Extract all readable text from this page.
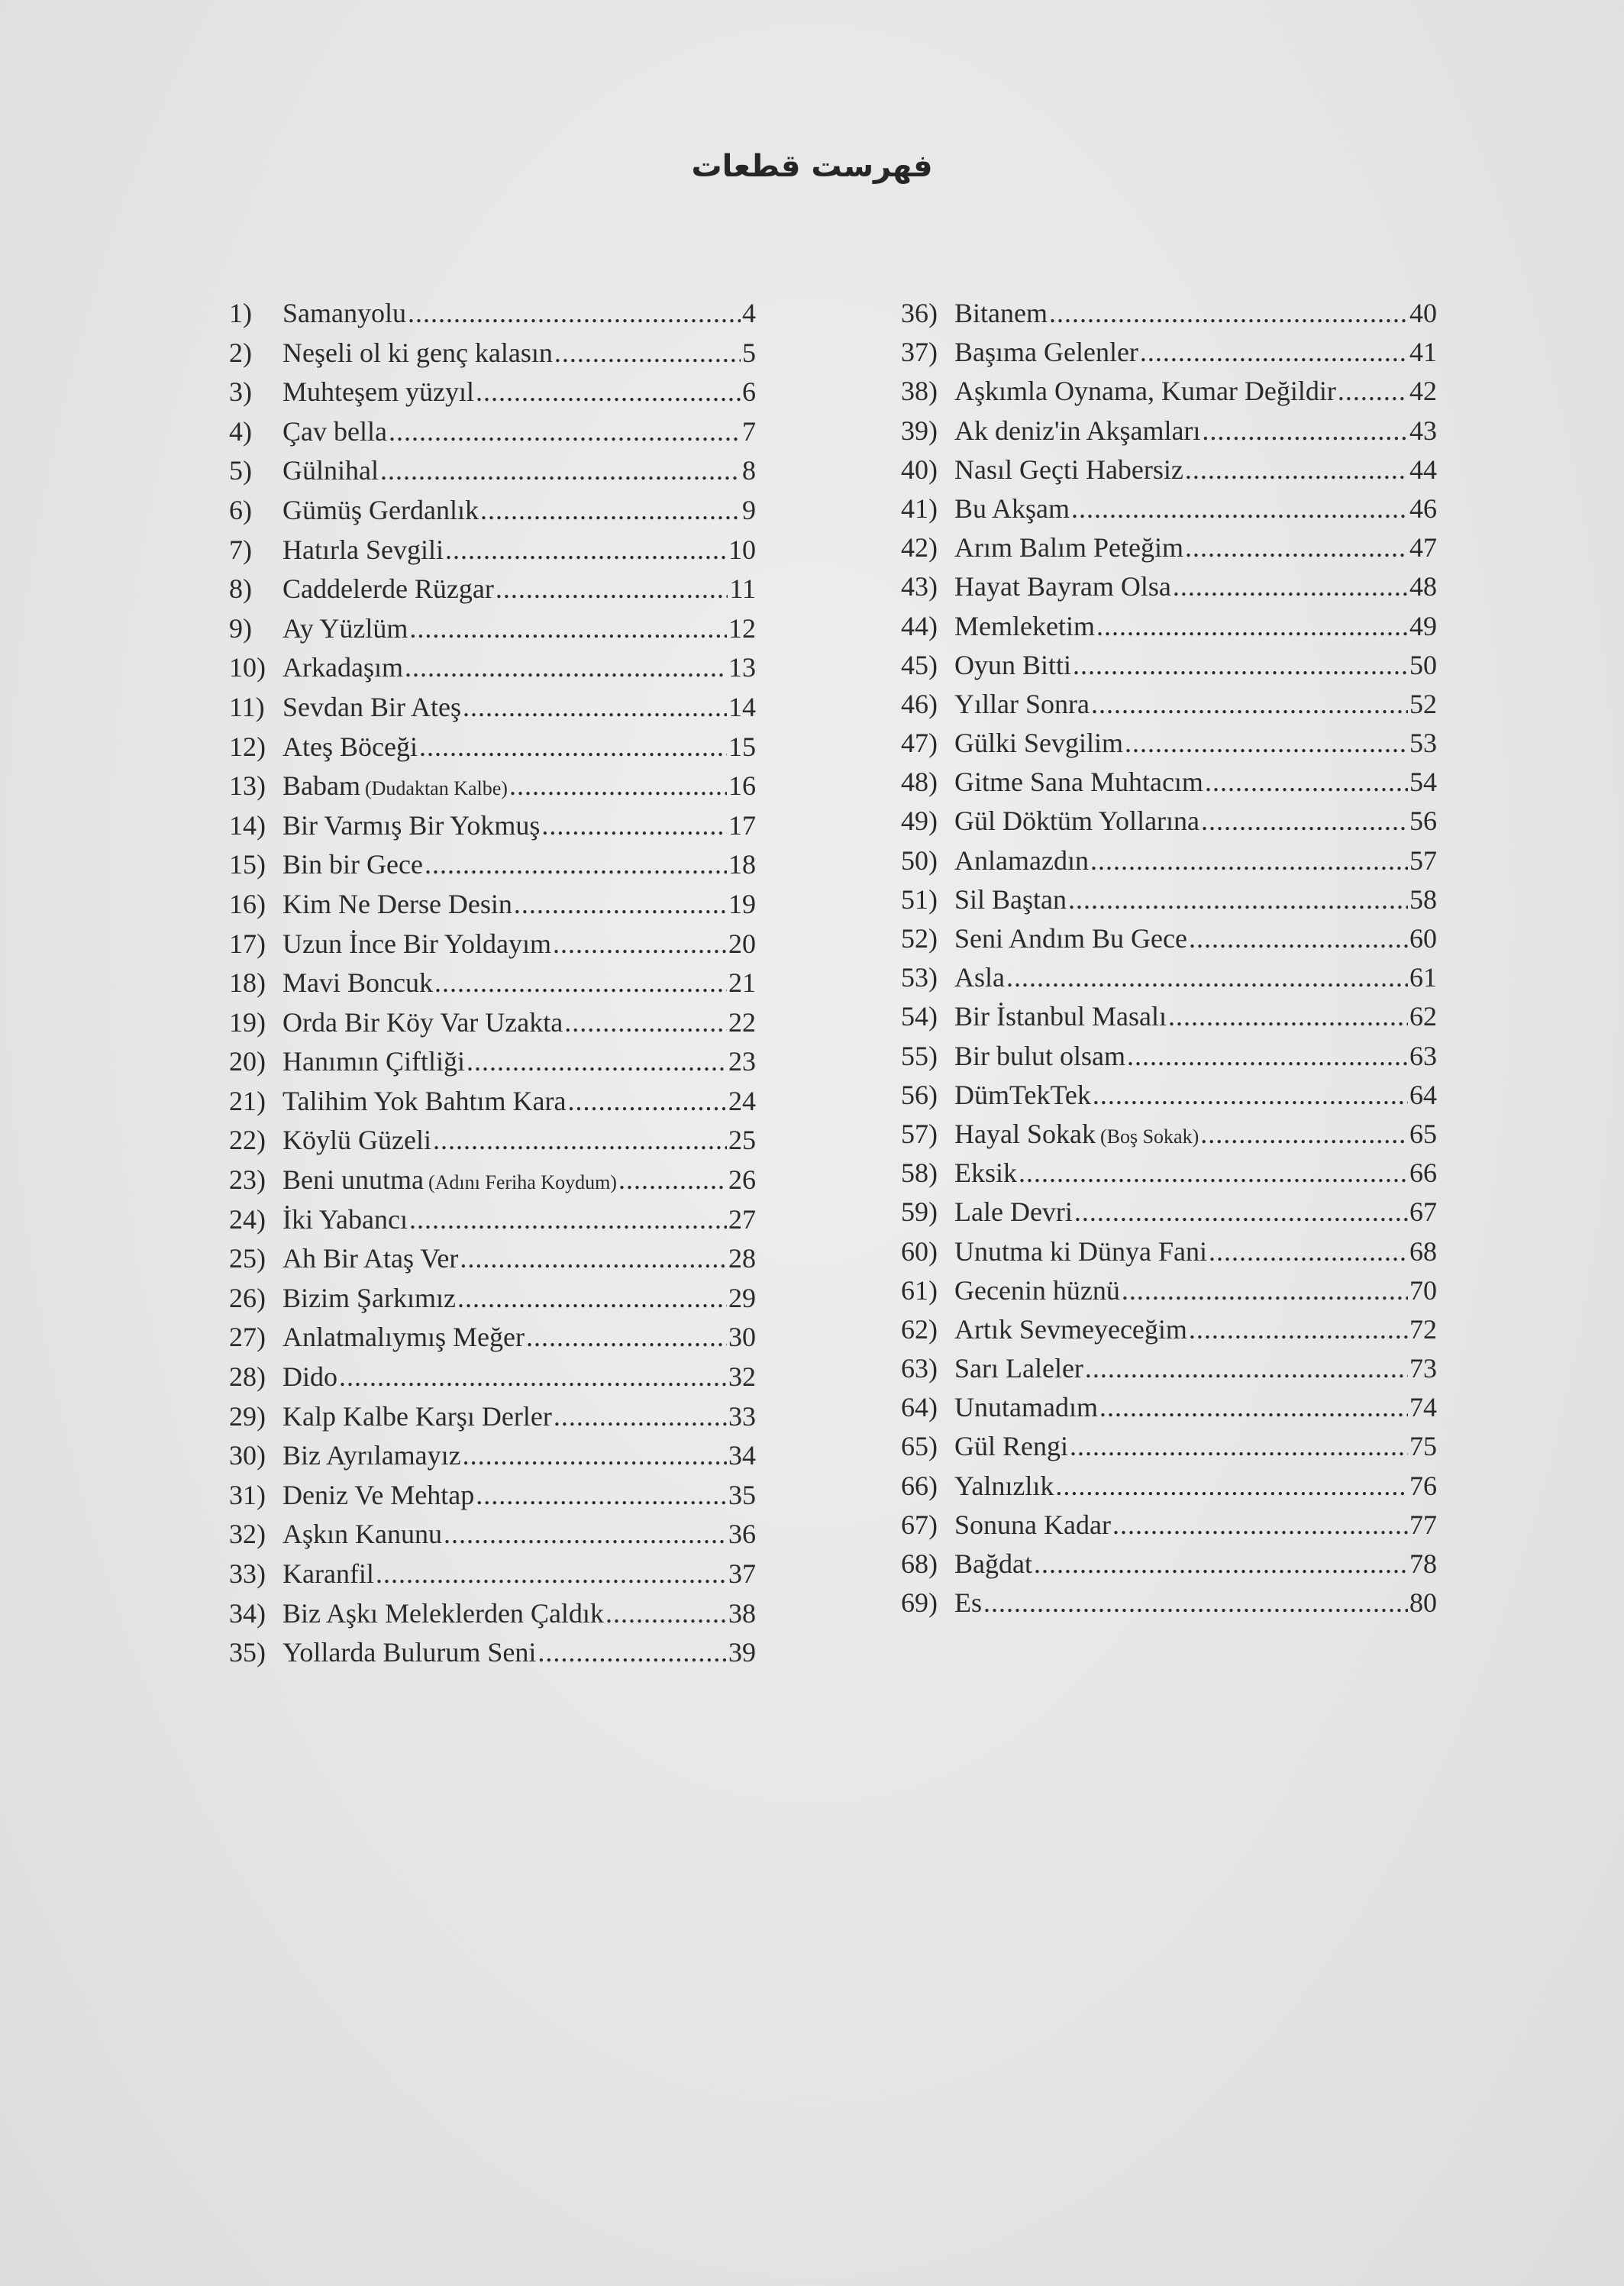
فهرست قطعات
1)	Samanyolu .....	4
2)	Neşeli ol ki genç kalasın .....	5
3)	Muhteşem yüzyıl .....	6
4)	Çav bella .....	7
5)	Gülnihal .....	8
6)	Gümüş Gerdanlık .....	9
7)	Hatırla Sevgili .....	10
8)	Caddelerde Rüzgar .....	11
9)	Ay Yüzlüm .....	12
10) Arkadaşım .....	13
11) Sevdan Bir Ateş .....	14
12) Ateş Böceği .....	15
13) Babam (Dudaktan Kalbe) .....	16
14) Bir Varmış Bir Yokmuş .....	17
15) Bin bir Gece .....	18
16) Kim Ne Derse Desin .....	19
17) Uzun İnce Bir Yoldayım .....	20
18) Mavi Boncuk .....	21
19) Orda Bir Köy Var Uzakta .....	22
20) Hanımın Çiftliği .....	23
21) Talihim Yok Bahtım Kara .....	24
22) Köylü Güzeli .....	25
23) Beni unutma (Adını Feriha Koydum) .....	26
24) İki Yabancı .....	27
25) Ah Bir Ataş Ver .....	28
26) Bizim Şarkımız .....	29
27) Anlatmalıymış Meğer .....	30
28) Dido .....	32
29) Kalp Kalbe Karşı Derler .....	33
30) Biz Ayrılamayız .....	34
31) Deniz Ve Mehtap .....	35
32) Aşkın Kanunu .....	36
33) Karanfil .....	37
34) Biz Aşkı Meleklerden Çaldık .....	38
35) Yollarda Bulurum Seni .....	39
36) Bitanem .....	40
37) Başıma Gelenler .....	41
38) Aşkımla Oynama, Kumar Değildir .....	42
39) Ak deniz'in Akşamları .....	43
40) Nasıl Geçti Habersiz .....	44
41) Bu Akşam .....	46
42) Arım Balım Peteğim .....	47
43) Hayat Bayram Olsa .....	48
44) Memleketim .....	49
45) Oyun Bitti .....	50
46) Yıllar Sonra .....	52
47) Gülki Sevgilim .....	53
48) Gitme Sana Muhtacım .....	54
49) Gül Döktüm Yollarına .....	56
50) Anlamazdın .....	57
51) Sil Baştan .....	58
52) Seni Andım Bu Gece .....	60
53) Asla .....	61
54) Bir İstanbul Masalı .....	62
55) Bir bulut olsam .....	63
56) DümTekTek .....	64
57) Hayal Sokak (Boş Sokak) .....	65
58) Eksik .....	66
59) Lale Devri .....	67
60) Unutma ki Dünya Fani .....	68
61) Gecenin hüznü .....	70
62) Artık Sevmeyeceğim .....	72
63) Sarı Laleler .....	73
64) Unutamadım .....	74
65) Gül Rengi .....	75
66) Yalnızlık .....	76
67) Sonuna Kadar .....	77
68) Bağdat .....	78
69) Es .....	80
